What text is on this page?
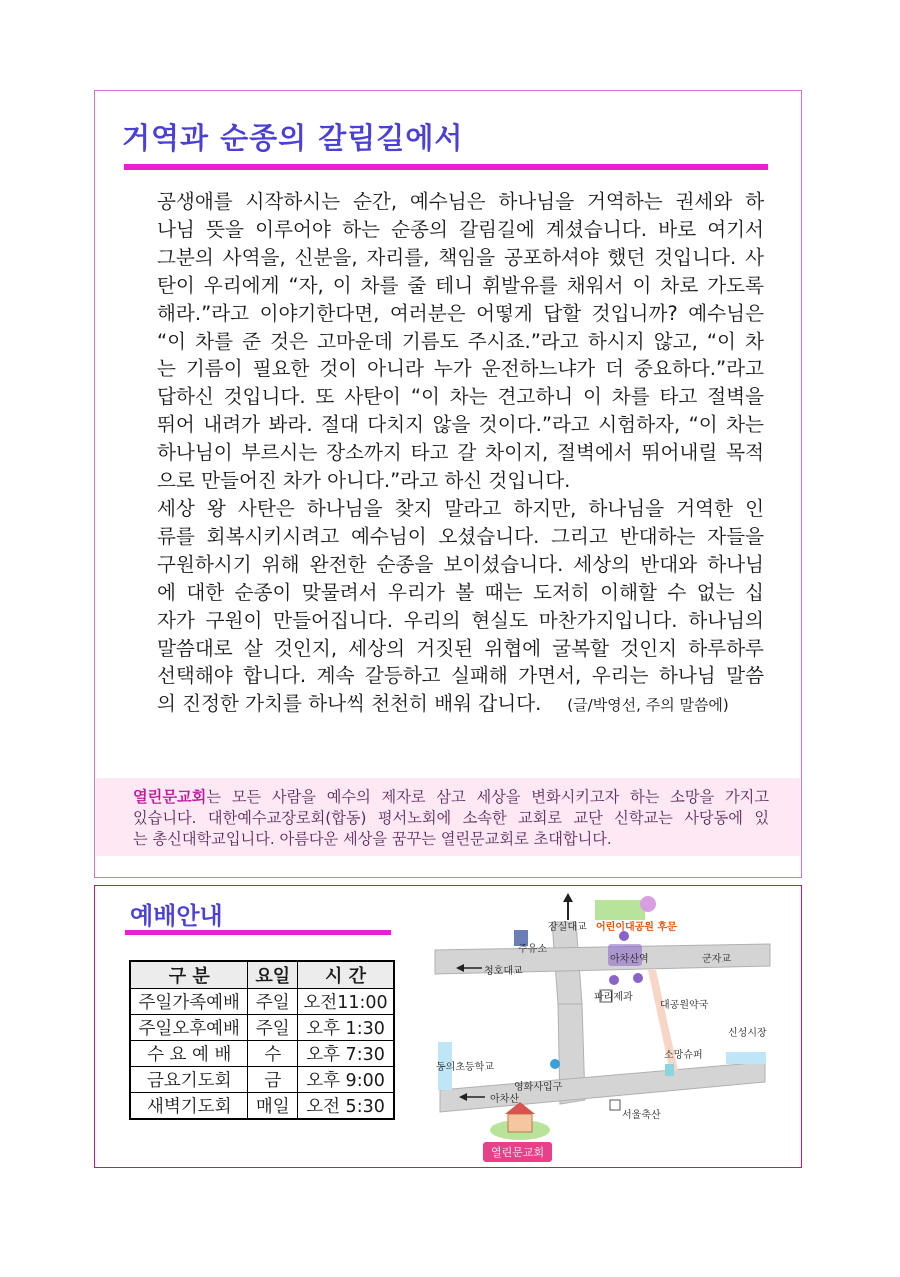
거역과 순종의 갈림길에서

공생애를 시작하시는 순간, 예수님은 하나님을 거역하는 권세와 하
나님 뜻을 이루어야 하는 순종의 갈림길에 계셨습니다. 바로 여기서
그분의 사역을, 신분을, 자리를, 책임을 공포하셔야 했던 것입니다. 사
탄이 우리에게 “자, 이 차를 줄 테니 휘발유를 채워서 이 차로 가도록
해라.”라고 이야기한다면, 여러분은 어떻게 답할 것입니까? 예수님은
“이 차를 준 것은 고마운데 기름도 주시죠.”라고 하시지 않고, “이 차
는 기름이 필요한 것이 아니라 누가 운전하느냐가 더 중요하다.”라고
답하신 것입니다. 또 사탄이 “이 차는 견고하니 이 차를 타고 절벽을
뛰어 내려가 봐라. 절대 다치지 않을 것이다.”라고 시험하자, “이 차는
하나님이 부르시는 장소까지 타고 갈 차이지, 절벽에서 뛰어내릴 목적
으로 만들어진 차가 아니다.”라고 하신 것입니다.

세상 왕 사탄은 하나님을 찾지 말라고 하지만, 하나님을 거역한 인
류를 회복시키시려고 예수님이 오셨습니다. 그리고 반대하는 자들을
구원하시기 위해 완전한 순종을 보이셨습니다. 세상의 반대와 하나님
에 대한 순종이 맞물려서 우리가 볼 때는 도저히 이해할 수 없는 십
자가 구원이 만들어집니다. 우리의 현실도 마찬가지입니다. 하나님의
말씀대로 살 것인지, 세상의 거짓된 위협에 굴복할 것인지 하루하루
선택해야 합니다. 계속 갈등하고 실패해 가면서, 우리는 하나님 말씀
의 진정한 가치를 하나씩 천천히 배워 갑니다. (글/박영선, 주의 말씀에)

열린문교회는 모든 사람을 예수의 제자로 삼고 세상을 변화시키고자 하는 소망을 가지고
있습니다. 대한예수교장로회(합동) 평서노회에 소속한 교회로 교단 신학교는 사당동에 있
는 총신대학교입니다. 아름다운 세상을 꿈꾸는 열린문교회로 초대합니다.
예배안내
구 분	요일	시 간
주일가족예배	주일	오전11:00
주일오후예배	주일	오후 1:30
수 요 예 배	수	오후 7:30
금요기도회	금	오후 9:00
새벽기도회	매일	오전 5:30
잠실대교 어린이대공원 후문
주유소
청호대교
군자교
아차산역
파리제과
대공원약국
신성시장
소망슈퍼
동의초등학교
영화사입구
아차산
서울축산
열린문교회
